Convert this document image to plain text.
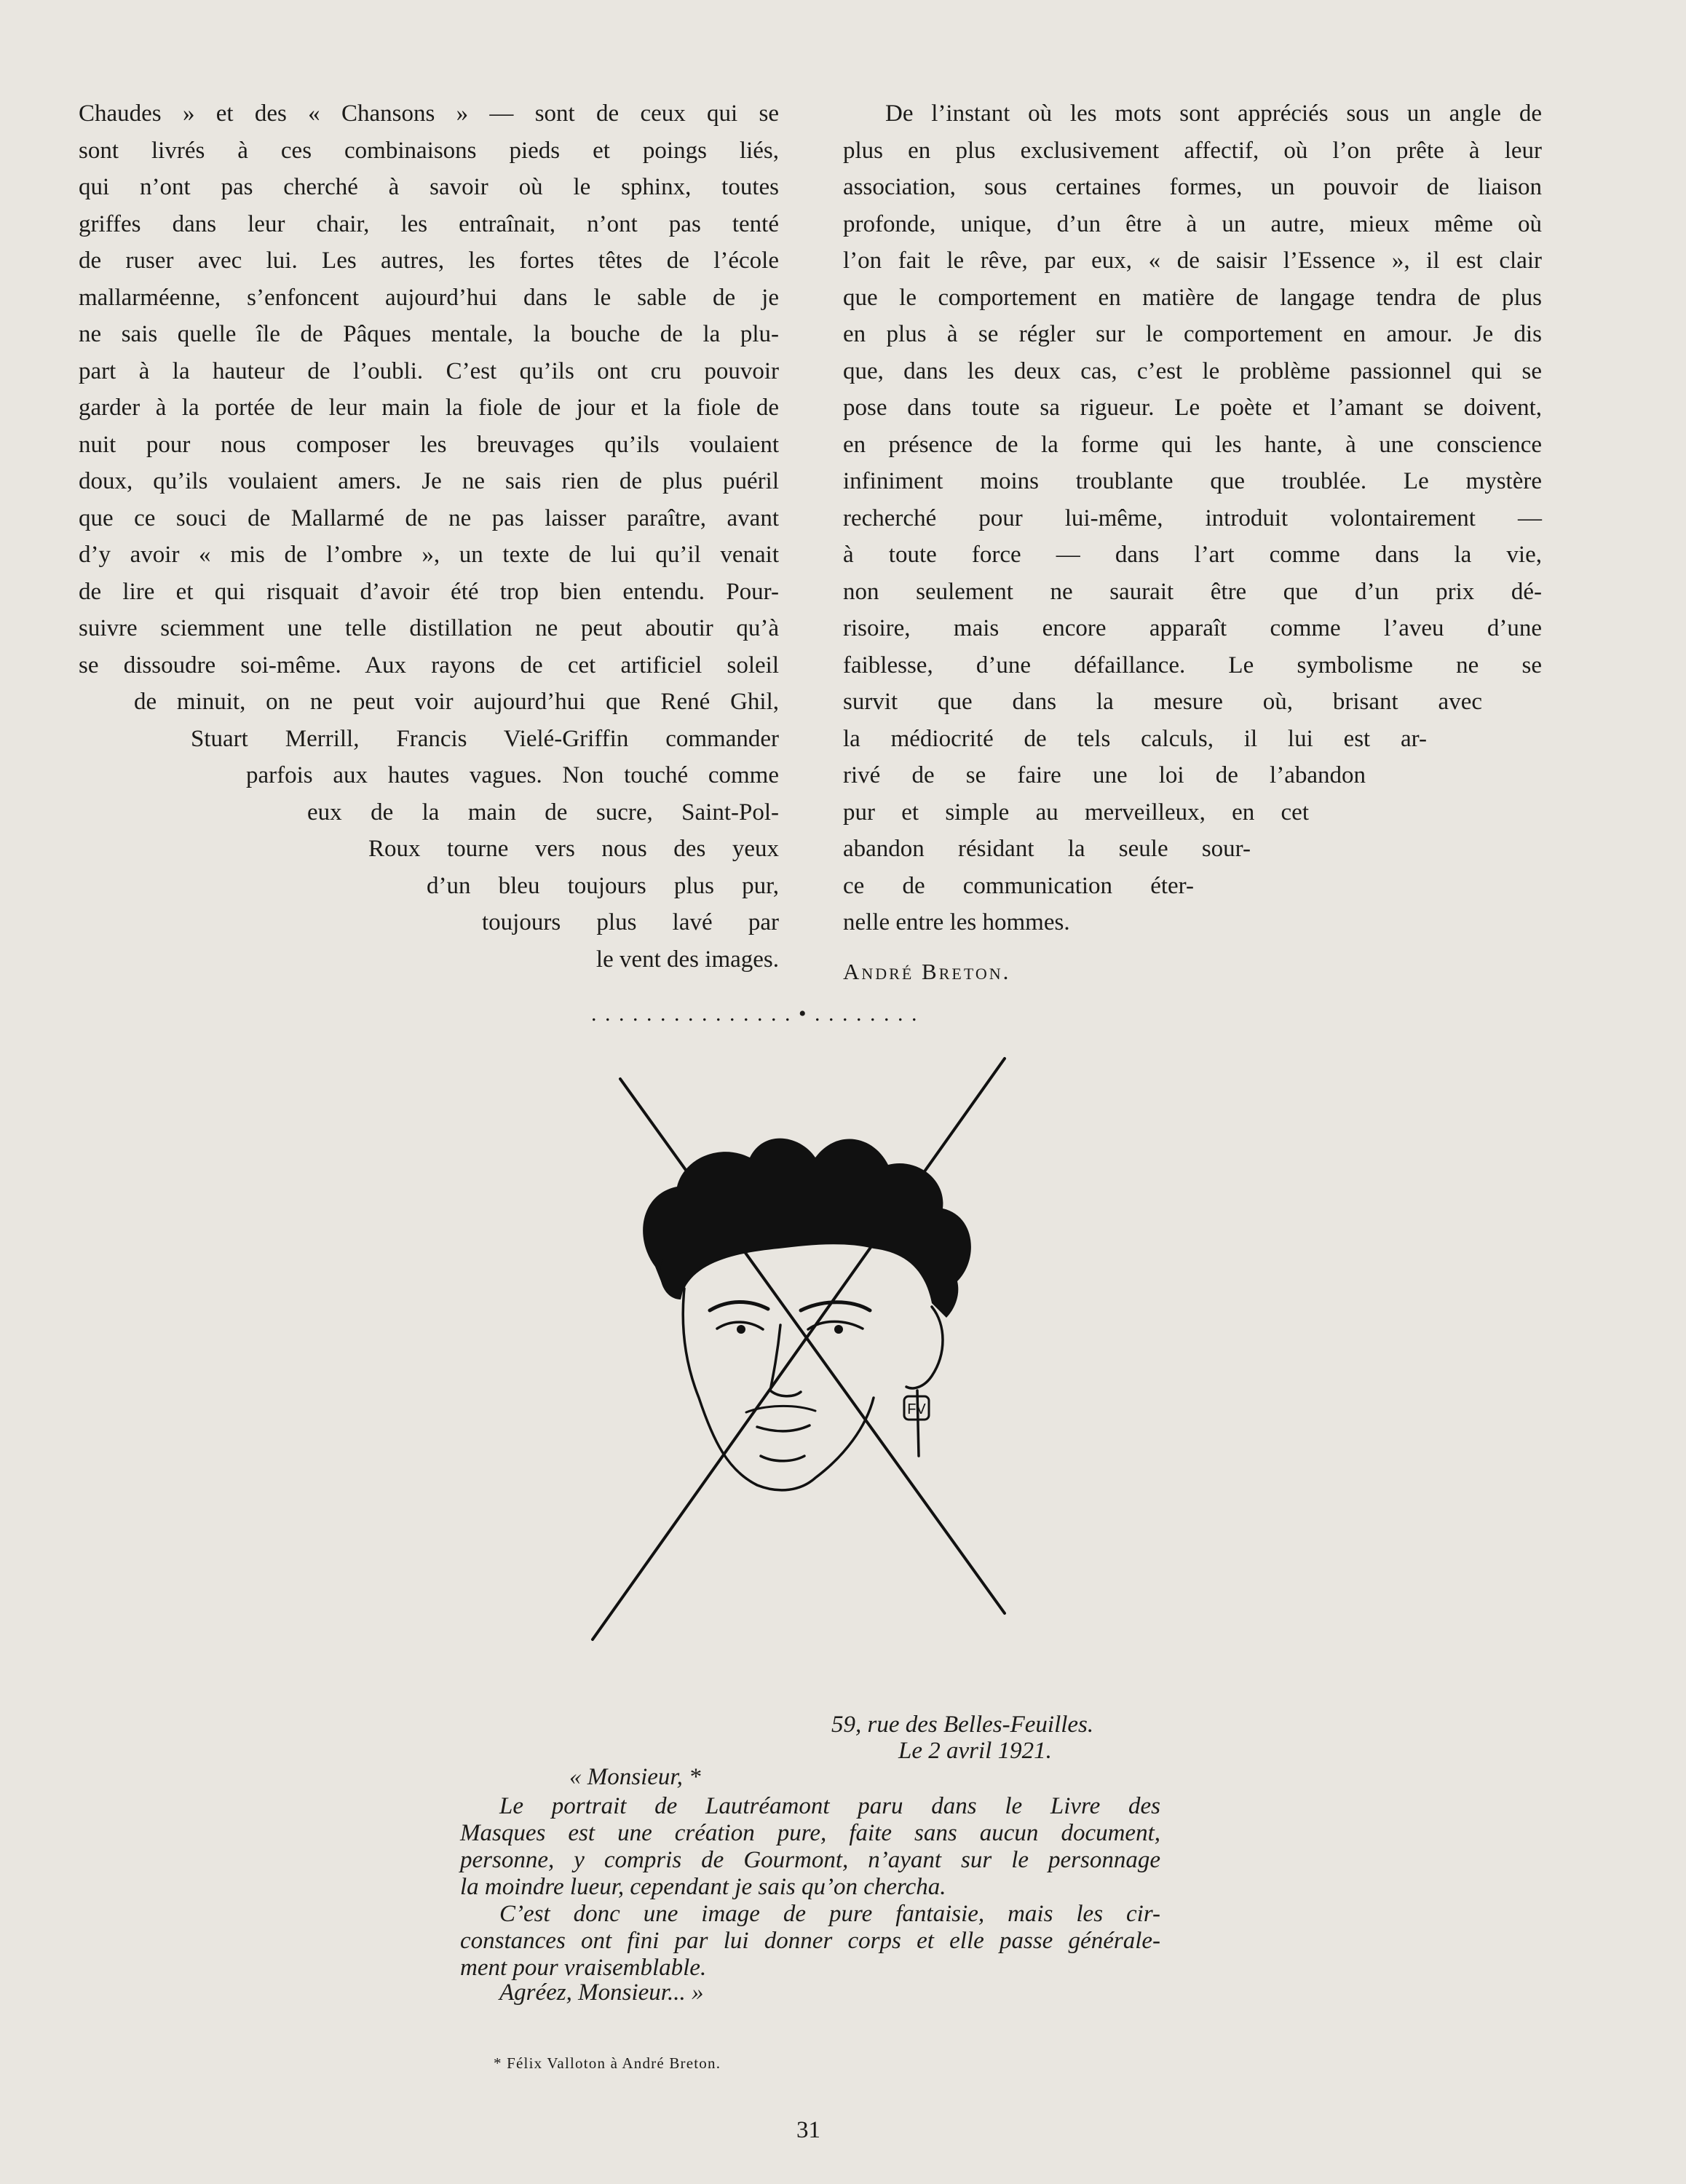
Chaudes » et des « Chansons » — sont de ceux qui se
sont livrés à ces combinaisons pieds et poings liés,
qui n’ont pas cherché à savoir où le sphinx, toutes
griffes dans leur chair, les entraînait, n’ont pas tenté
de ruser avec lui. Les autres, les fortes têtes de l’école
mallarméenne, s’enfoncent aujourd’hui dans le sable de je
ne sais quelle île de Pâques mentale, la bouche de la plu-
part à la hauteur de l’oubli. C’est qu’ils ont cru pouvoir
garder à la portée de leur main la fiole de jour et la fiole de
nuit pour nous composer les breuvages qu’ils voulaient
doux, qu’ils voulaient amers. Je ne sais rien de plus puéril
que ce souci de Mallarmé de ne pas laisser paraître, avant
d’y avoir « mis de l’ombre », un texte de lui qu’il venait
de lire et qui risquait d’avoir été trop bien entendu. Pour-
suivre sciemment une telle distillation ne peut aboutir qu’à
se dissoudre soi-même. Aux rayons de cet artificiel soleil
de minuit, on ne peut voir aujourd’hui que René Ghil,
Stuart Merrill, Francis Vielé-Griffin commander
parfois aux hautes vagues. Non touché comme
eux de la main de sucre, Saint-Pol-
Roux tourne vers nous des yeux
d’un bleu toujours plus pur,
toujours plus lavé par
le vent des images.
De l’instant où les mots sont appréciés sous un angle de
plus en plus exclusivement affectif, où l’on prête à leur
association, sous certaines formes, un pouvoir de liaison
profonde, unique, d’un être à un autre, mieux même où
l’on fait le rêve, par eux, « de saisir l’Essence », il est clair
que le comportement en matière de langage tendra de plus
en plus à se régler sur le comportement en amour. Je dis
que, dans les deux cas, c’est le problème passionnel qui se
pose dans toute sa rigueur. Le poète et l’amant se doivent,
en présence de la forme qui les hante, à une conscience
infiniment moins troublante que troublée. Le mystère
recherché pour lui-même, introduit volontairement —
à toute force — dans l’art comme dans la vie,
non seulement ne saurait être que d’un prix dé-
risoire, mais encore apparaît comme l’aveu d’une
faiblesse, d’une défaillance. Le symbolisme ne se
survit que dans la mesure où, brisant avec
la médiocrité de tels calculs, il lui est ar-
rivé de se faire une loi de l’abandon
pur et simple au merveilleux, en cet
abandon résidant la seule sour-
ce de communication éter-
nelle entre les hommes.
André Breton.
...............•........
FV
59, rue des Belles-Feuilles.
Le 2 avril 1921.
« Monsieur, *
Le portrait de Lautréamont paru dans le Livre des
Masques est une création pure, faite sans aucun document,
personne, y compris de Gourmont, n’ayant sur le personnage
la moindre lueur, cependant je sais qu’on chercha.
C’est donc une image de pure fantaisie, mais les cir-
constances ont fini par lui donner corps et elle passe générale-
ment pour vraisemblable.
Agréez, Monsieur... »
* Félix Valloton à André Breton.
31
